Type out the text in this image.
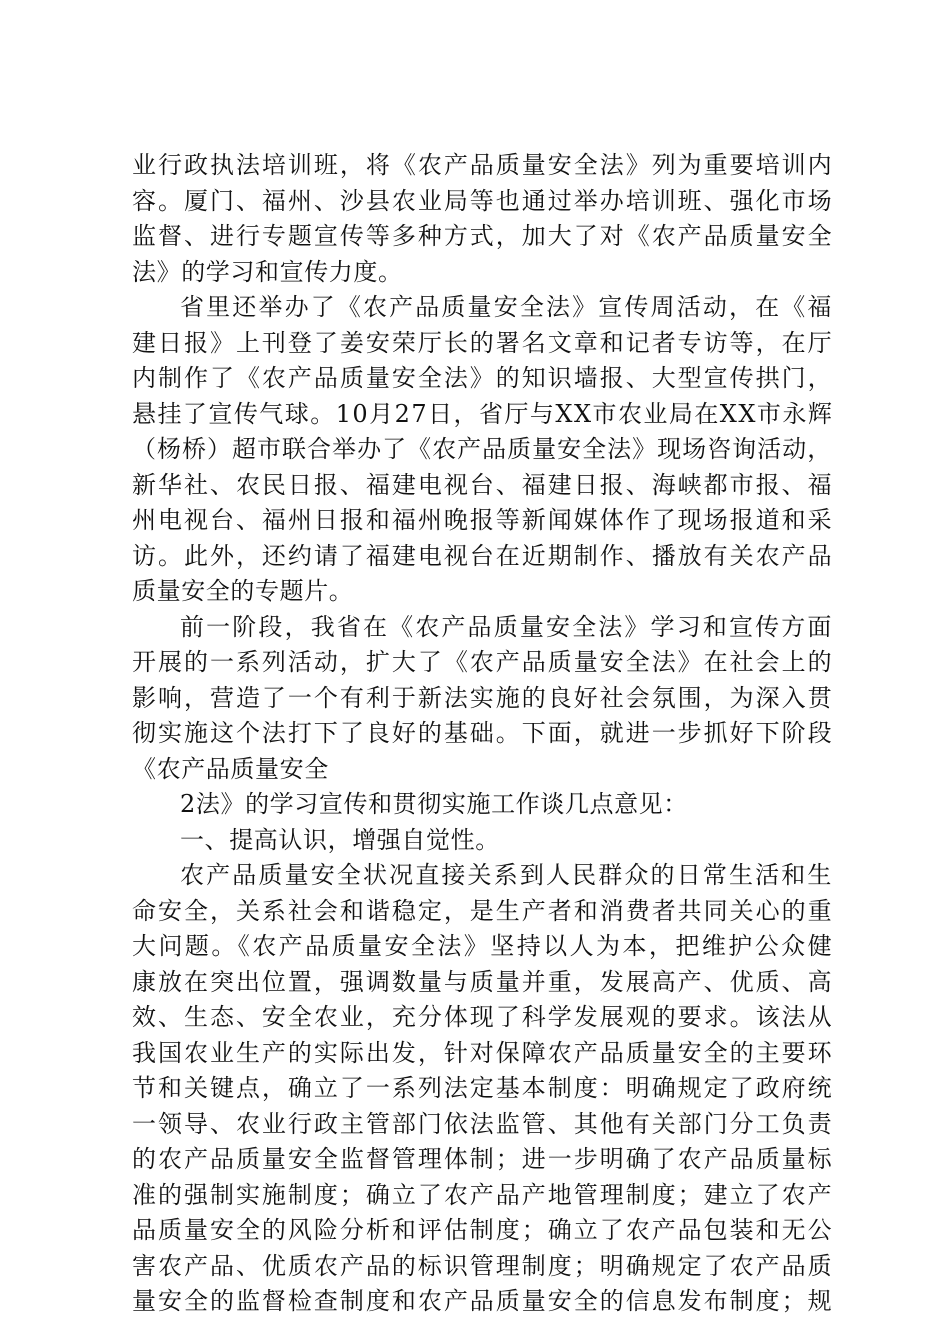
业行政执法培训班，将《农产品质量安全法》列为重要培训内
容。厦门、福州、沙县农业局等也通过举办培训班、强化市场
监督、进行专题宣传等多种方式，加大了对《农产品质量安全
法》的学习和宣传力度。
省里还举办了《农产品质量安全法》宣传周活动，在《福
建日报》上刊登了姜安荣厅长的署名文章和记者专访等，在厅
内制作了《农产品质量安全法》的知识墙报、大型宣传拱门，
悬挂了宣传气球。10月27日，省厅与XX市农业局在XX市永辉
（杨桥）超市联合举办了《农产品质量安全法》现场咨询活动，
新华社、农民日报、福建电视台、福建日报、海峡都市报、福
州电视台、福州日报和福州晚报等新闻媒体作了现场报道和采
访。此外，还约请了福建电视台在近期制作、播放有关农产品
质量安全的专题片。
前一阶段，我省在《农产品质量安全法》学习和宣传方面
开展的一系列活动，扩大了《农产品质量安全法》在社会上的
影响，营造了一个有利于新法实施的良好社会氛围，为深入贯
彻实施这个法打下了良好的基础。下面，就进一步抓好下阶段
《农产品质量安全
2法》的学习宣传和贯彻实施工作谈几点意见：
一、提高认识，增强自觉性。
农产品质量安全状况直接关系到人民群众的日常生活和生
命安全，关系社会和谐稳定，是生产者和消费者共同关心的重
大问题。《农产品质量安全法》坚持以人为本，把维护公众健
康放在突出位置，强调数量与质量并重，发展高产、优质、高
效、生态、安全农业，充分体现了科学发展观的要求。该法从
我国农业生产的实际出发，针对保障农产品质量安全的主要环
节和关键点，确立了一系列法定基本制度：明确规定了政府统
一领导、农业行政主管部门依法监管、其他有关部门分工负责
的农产品质量安全监督管理体制；进一步明确了农产品质量标
准的强制实施制度；确立了农产品产地管理制度；建立了农产
品质量安全的风险分析和评估制度；确立了农产品包装和无公
害农产品、优质农产品的标识管理制度；明确规定了农产品质
量安全的监督检查制度和农产品质量安全的信息发布制度；规
